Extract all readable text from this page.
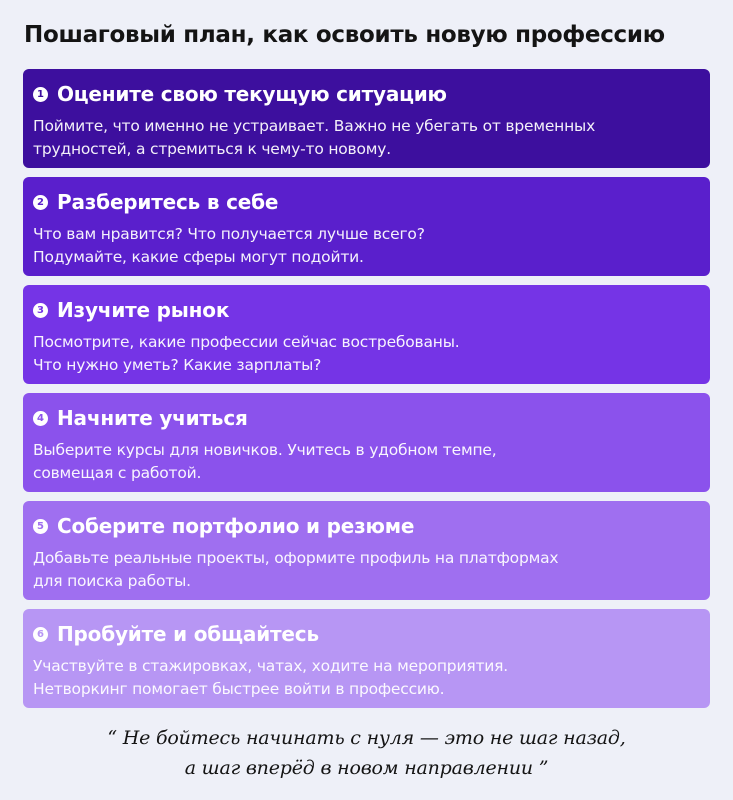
Пошаговый план, как освоить новую профессию
1 Оцените свою текущую ситуацию
Поймите, что именно не устраивает. Важно не убегать от временных
трудностей, а стремиться к чему-то новому.
2 Разберитесь в себе
Что вам нравится? Что получается лучше всего?
Подумайте, какие сферы могут подойти.
3 Изучите рынок
Посмотрите, какие профессии сейчас востребованы.
Что нужно уметь? Какие зарплаты?
4 Начните учиться
Выберите курсы для новичков. Учитесь в удобном темпе,
совмещая с работой.
5 Соберите портфолио и резюме
Добавьте реальные проекты, оформите профиль на платформах
для поиска работы.
6 Пробуйте и общайтесь
Участвуйте в стажировках, чатах, ходите на мероприятия.
Нетворкинг помогает быстрее войти в профессию.
“ Не бойтесь начинать с нуля — это не шаг назад,
а шаг вперёд в новом направлении ”
